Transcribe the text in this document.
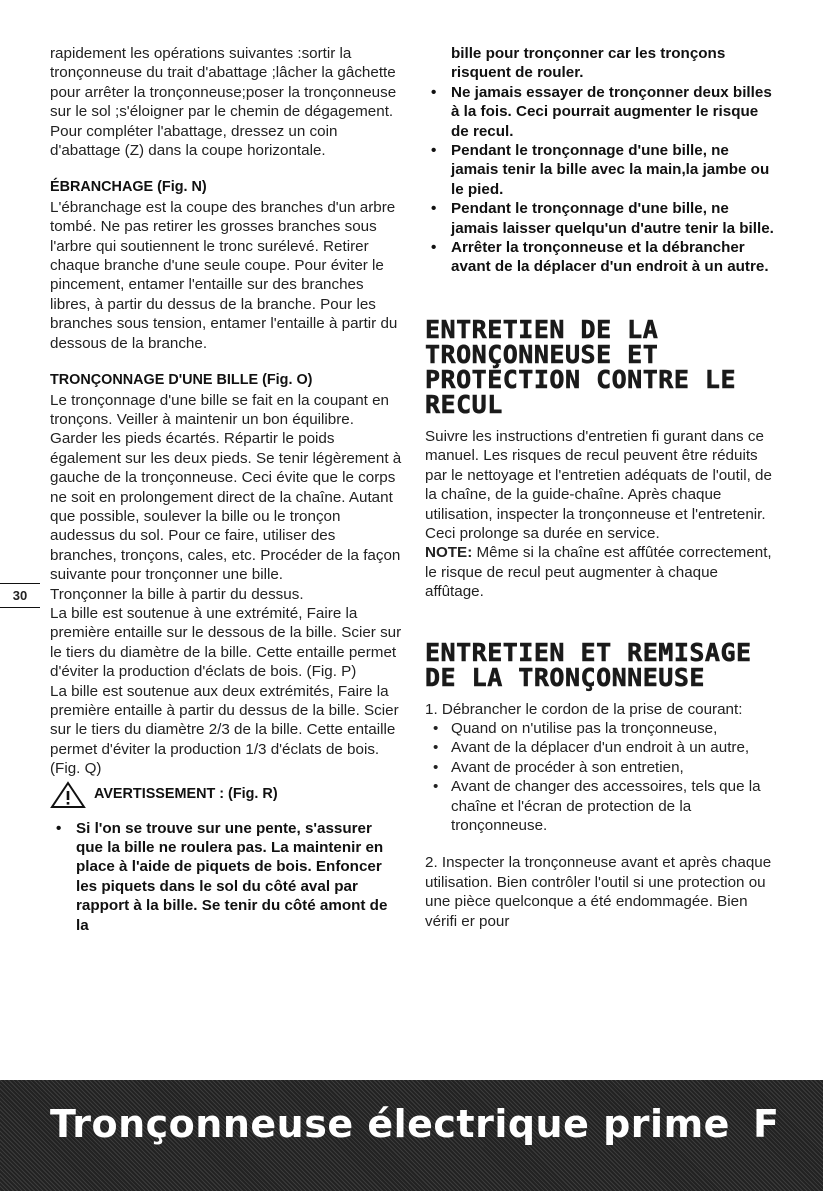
rapidement les opérations suivantes :sortir la tronçonneuse du trait d'abattage ;lâcher la gâchette pour arrêter la tronçonneuse;poser la tronçonneuse sur le sol ;s'éloigner par le chemin de dégagement.

Pour compléter l'abattage, dressez un coin d'abattage (Z) dans la coupe horizontale.

ÉBRANCHAGE (Fig. N)

L'ébranchage est la coupe des branches d'un arbre tombé. Ne pas retirer les grosses branches sous l'arbre qui soutiennent le tronc surélevé. Retirer chaque branche d'une seule coupe. Pour éviter le pincement, entamer l'entaille sur des branches libres, à partir du dessus de la branche. Pour les branches sous tension, entamer l'entaille à partir du dessous de la branche.

TRONÇONNAGE D'UNE BILLE (Fig. O)

Le tronçonnage d'une bille se fait en la coupant en tronçons. Veiller à maintenir un bon équilibre. Garder les pieds écartés. Répartir le poids également sur les deux pieds. Se tenir légèrement à gauche de la tronçonneuse. Ceci évite que le corps ne soit en prolongement direct de la chaîne. Autant que possible, soulever la bille ou le tronçon audessus du sol. Pour ce faire, utiliser des branches, tronçons, cales, etc. Procéder de la façon suivante pour tronçonner une bille.

Tronçonner la bille à partir du dessus.

La bille est soutenue à une extrémité, Faire la première entaille sur le dessous de la bille. Scier sur le tiers du diamètre de la bille. Cette entaille permet d'éviter la production d'éclats de bois. (Fig. P)

La bille est soutenue aux deux extrémités, Faire la première entaille à partir du dessus de la bille. Scier sur le tiers du diamètre 2/3 de la bille. Cette entaille permet d'éviter la production 1/3 d'éclats de bois. (Fig. Q)

AVERTISSEMENT : (Fig. R)
• Si l'on se trouve sur une pente, s'assurer que la bille ne roulera pas. La maintenir en place à l'aide de piquets de bois. Enfoncer les piquets dans le sol du côté aval par rapport à la bille. Se tenir du côté amont de la

bille pour tronçonner car les tronçons risquent de rouler.

• Ne jamais essayer de tronçonner deux billes à la fois. Ceci pourrait augmenter le risque de recul.
• Pendant le tronçonnage d'une bille, ne jamais tenir la bille avec la main,la jambe ou le pied.
• Pendant le tronçonnage d'une bille, ne jamais laisser quelqu'un d'autre tenir la bille.
• Arrêter la tronçonneuse et la débrancher avant de la déplacer d'un endroit à un autre.
ENTRETIEN DE LA TRONÇONNEUSE ET PROTÉCTION CONTRE LE RECUL

Suivre les instructions d'entretien fi gurant dans ce manuel. Les risques de recul peuvent être réduits par le nettoyage et l'entretien adéquats de l'outil, de la chaîne, de la guide-chaîne. Après chaque utilisation, inspecter la tronçonneuse et l'entretenir. Ceci prolonge sa durée en service.

NOTE: Même si la chaîne est affûtée correctement, le risque de recul peut augmenter à chaque affûtage.

ENTRETIEN ET REMISAGE DE LA TRONÇONNEUSE

1. Débrancher le cordon de la prise de courant:

• Quand on n'utilise pas la tronçonneuse,
• Avant de la déplacer d'un endroit à un autre,
• Avant de procéder à son entretien,
• Avant de changer des accessoires, tels que la chaîne et l'écran de protection de la tronçonneuse.

2. Inspecter la tronçonneuse avant et après chaque utilisation. Bien contrôler l'outil si une protection ou une pièce quelconque a été endommagée. Bien vérifi er pour

30
Tronçonneuse électrique prime F
